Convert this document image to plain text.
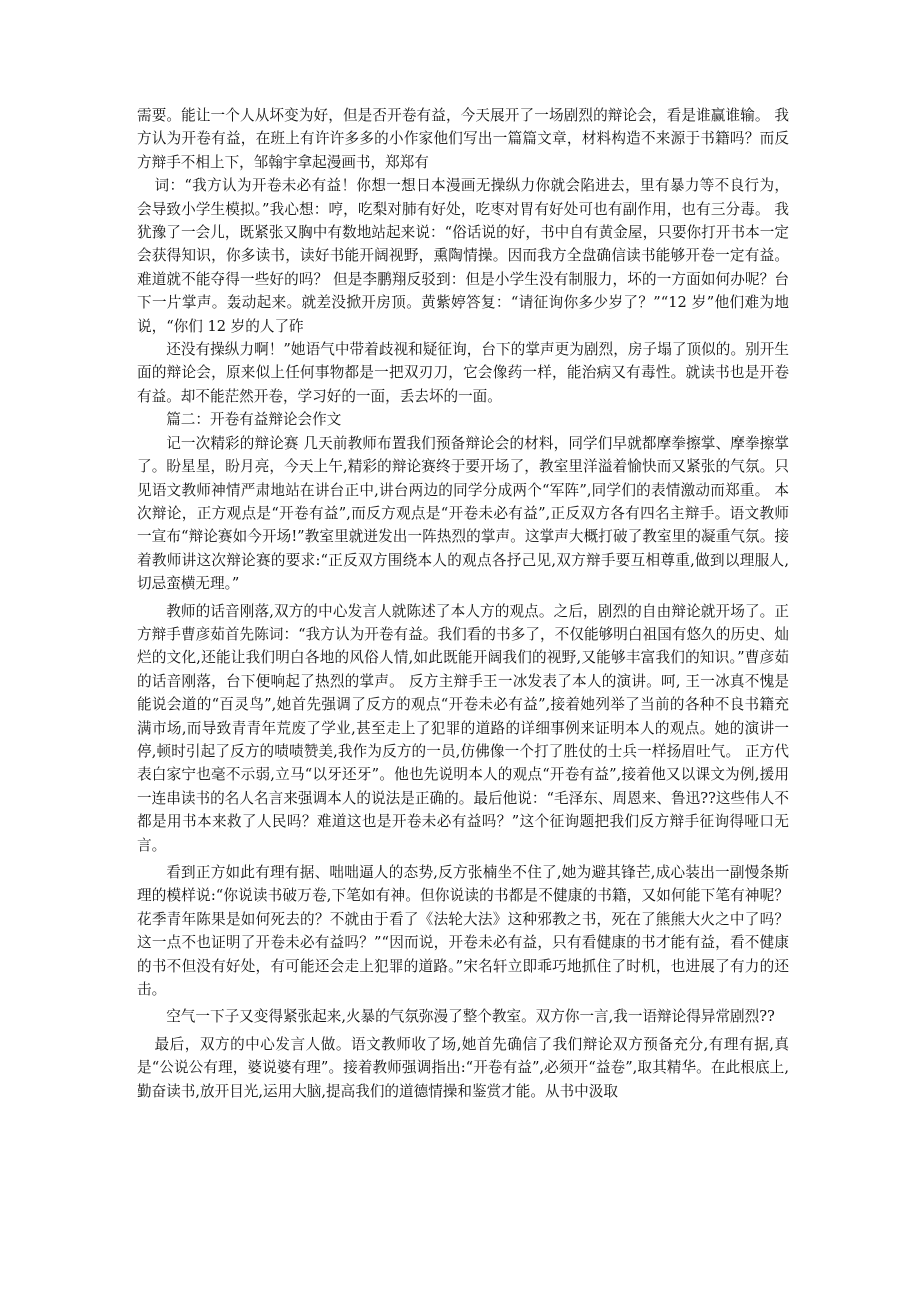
需要。能让一个人从坏变为好，但是否开卷有益，今天展开了一场剧烈的辩论会，看是谁赢谁输。 我方认为开卷有益，在班上有许许多多的小作家他们写出一篇篇文章，材料构造不来源于书籍吗？而反方辩手不相上下，邹翰宇拿起漫画书，郑郑有

词：“我方认为开卷未必有益！你想一想日本漫画无操纵力你就会陷进去，里有暴力等不良行为，会导致小学生模拟。”我心想：哼，吃梨对肺有好处，吃枣对胃有好处可也有副作用，也有三分毒。 我犹豫了一会儿，既紧张又胸中有数地站起来说：“俗话说的好，书中自有黄金屋，只要你打开书本一定会获得知识，你多读书，读好书能开阔视野，熏陶情操。因而我方全盘确信读书能够开卷一定有益。难道就不能夺得一些好的吗？ 但是李鹏翔反驳到：但是小学生没有制服力，坏的一方面如何办呢？台下一片掌声。轰动起来。就差没掀开房顶。黄紫婷答复：“请征询你多少岁了？”“12 岁”他们难为地说，“你们 12 岁的人了砟

还没有操纵力啊！”她语气中带着歧视和疑征询，台下的掌声更为剧烈，房子塌了顶似的。别开生面的辩论会，原来似上任何事物都是一把双刃刀，它会像药一样，能治病又有毒性。就读书也是开卷有益。却不能茫然开卷，学习好的一面，丢去坏的一面。

篇二：开卷有益辩论会作文

记一次精彩的辩论赛 几天前教师布置我们预备辩论会的材料，同学们早就都摩拳擦掌、摩拳擦掌了。盼星星，盼月亮，今天上午,精彩的辩论赛终于要开场了，教室里洋溢着愉快而又紧张的气氛。只见语文教师神情严肃地站在讲台正中,讲台两边的同学分成两个“军阵”,同学们的表情激动而郑重。 本次辩论，正方观点是“开卷有益”,而反方观点是“开卷未必有益”,正反双方各有四名主辩手。语文教师一宣布“辩论赛如今开场!”教室里就迸发出一阵热烈的掌声。这掌声大概打破了教室里的凝重气氛。接着教师讲这次辩论赛的要求:“正反双方围绕本人的观点各抒己见,双方辩手要互相尊重,做到以理服人,切忌蛮横无理。”

教师的话音刚落,双方的中心发言人就陈述了本人方的观点。之后，剧烈的自由辩论就开场了。正方辩手曹彦茹首先陈词：“我方认为开卷有益。我们看的书多了，不仅能够明白祖国有悠久的历史、灿烂的文化,还能让我们明白各地的风俗人情,如此既能开阔我们的视野,又能够丰富我们的知识。”曹彦茹的话音刚落，台下便响起了热烈的掌声。 反方主辩手王一冰发表了本人的演讲。呵, 王一冰真不愧是能说会道的“百灵鸟”,她首先强调了反方的观点“开卷未必有益”,接着她列举了当前的各种不良书籍充满市场,而导致青青年荒废了学业,甚至走上了犯罪的道路的详细事例来证明本人的观点。她的演讲一停,顿时引起了反方的啧啧赞美,我作为反方的一员,仿佛像一个打了胜仗的士兵一样扬眉吐气。 正方代表白家宁也毫不示弱,立马“以牙还牙”。他也先说明本人的观点“开卷有益”,接着他又以课文为例,援用一连串读书的名人名言来强调本人的说法是正确的。最后他说：“毛泽东、周恩来、鲁迅??这些伟人不都是用书本来救了人民吗？难道这也是开卷未必有益吗？”这个征询题把我们反方辩手征询得哑口无言。

看到正方如此有理有据、咄咄逼人的态势,反方张楠坐不住了,她为避其锋芒,成心装出一副慢条斯理的模样说:“你说读书破万卷,下笔如有神。但你说读的书都是不健康的书籍，又如何能下笔有神呢？花季青年陈果是如何死去的？不就由于看了《法轮大法》这种邪教之书，死在了熊熊大火之中了吗？这一点不也证明了开卷未必有益吗？”“因而说，开卷未必有益，只有看健康的书才能有益，看不健康的书不但没有好处，有可能还会走上犯罪的道路。”宋名轩立即乖巧地抓住了时机，也进展了有力的还击。

空气一下子又变得紧张起来,火暴的气氛弥漫了整个教室。双方你一言,我一语辩论得异常剧烈??

最后，双方的中心发言人做。语文教师收了场,她首先确信了我们辩论双方预备充分,有理有据,真是“公说公有理，婆说婆有理”。接着教师强调指出:“开卷有益”,必须开“益卷”,取其精华。在此根底上,勤奋读书,放开目光,运用大脑,提高我们的道德情操和鉴赏才能。从书中汲取
